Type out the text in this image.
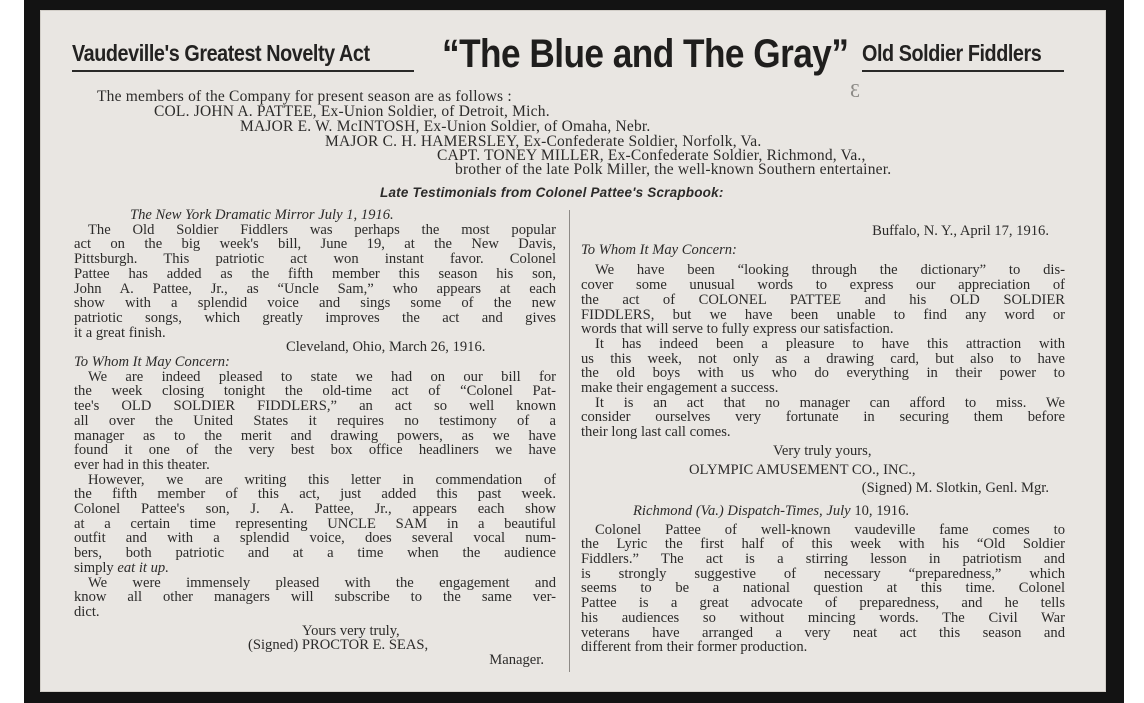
Vaudeville's Greatest Novelty Act “The Blue and The Gray” Old Soldier Fiddlers
Ɛ
The members of the Company for present season are as follows :
COL. JOHN A. PATTEE, Ex-Union Soldier, of Detroit, Mich.
MAJOR E. W. McINTOSH, Ex-Union Soldier, of Omaha, Nebr.
MAJOR C. H. HAMERSLEY, Ex-Confederate Soldier, Norfolk, Va.
CAPT. TONEY MILLER, Ex-Confederate Soldier, Richmond, Va.,
brother of the late Polk Miller, the well-known Southern entertainer.
Late Testimonials from Colonel Pattee's Scrapbook:

The New York Dramatic Mirror July 1, 1916.

The Old Soldier Fiddlers was perhaps the most popular

act on the big week's bill, June 19, at the New Davis,

Pittsburgh. This patriotic act won instant favor. Colonel

Pattee has added as the fifth member this season his son,

John A. Pattee, Jr., as “Uncle Sam,” who appears at each

show with a splendid voice and sings some of the new

patriotic songs, which greatly improves the act and gives

it a great finish.

Cleveland, Ohio, March 26, 1916.

To Whom It May Concern:

We are indeed pleased to state we had on our bill for

the week closing tonight the old-time act of “Colonel Pat-

tee's OLD SOLDIER FIDDLERS,” an act so well known

all over the United States it requires no testimony of a

manager as to the merit and drawing powers, as we have

found it one of the very best box office headliners we have

ever had in this theater.

However, we are writing this letter in commendation of

the fifth member of this act, just added this past week.

Colonel Pattee's son, J. A. Pattee, Jr., appears each show

at a certain time representing UNCLE SAM in a beautiful

outfit and with a splendid voice, does several vocal num-

bers, both patriotic and at a time when the audience

simply eat it up.

We were immensely pleased with the engagement and

know all other managers will subscribe to the same ver-

dict.

Yours very truly,

(Signed) PROCTOR E. SEAS,

Manager.

Buffalo, N. Y., April 17, 1916.

To Whom It May Concern:

We have been “looking through the dictionary” to dis-

cover some unusual words to express our appreciation of

the act of COLONEL PATTEE and his OLD SOLDIER

FIDDLERS, but we have been unable to find any word or

words that will serve to fully express our satisfaction.

It has indeed been a pleasure to have this attraction with

us this week, not only as a drawing card, but also to have

the old boys with us who do everything in their power to

make their engagement a success.

It is an act that no manager can afford to miss. We

consider ourselves very fortunate in securing them before

their long last call comes.

Very truly yours,

OLYMPIC AMUSEMENT CO., INC.,

(Signed) M. Slotkin, Genl. Mgr.

Richmond (Va.) Dispatch-Times, July 10, 1916.

Colonel Pattee of well-known vaudeville fame comes to

the Lyric the first half of this week with his “Old Soldier

Fiddlers.” The act is a stirring lesson in patriotism and

is strongly suggestive of necessary “preparedness,” which

seems to be a national question at this time. Colonel

Pattee is a great advocate of preparedness, and he tells

his audiences so without mincing words. The Civil War

veterans have arranged a very neat act this season and

different from their former production.
